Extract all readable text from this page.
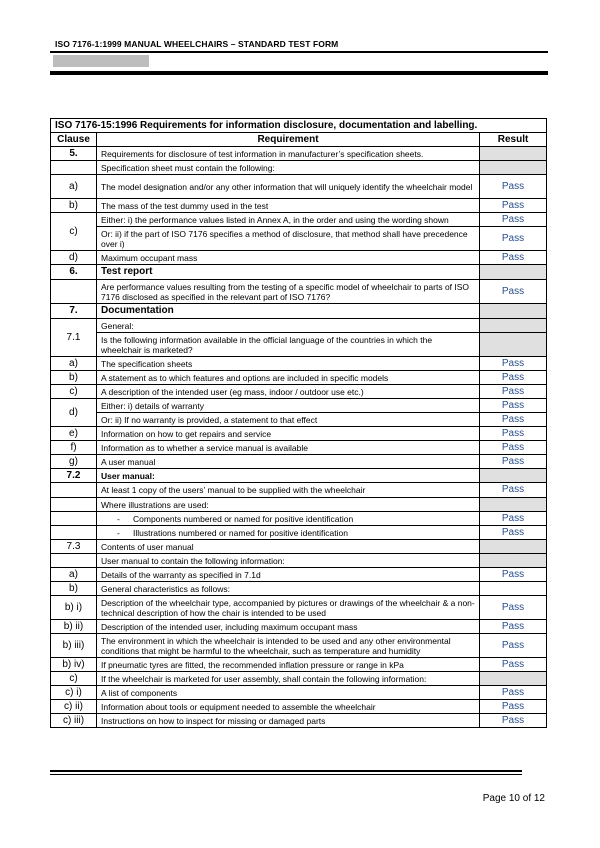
ISO 7176-1:1999 MANUAL WHEELCHAIRS – STANDARD TEST FORM
ISO 7176-15:1996 Requirements for information disclosure, documentation and labelling.		
Clause	Requirement	Result
5.	Requirements for disclosure of test information in manufacturer’s specification sheets.	
	Specification sheet must contain the following:	
a)	The model designation and/or any other information that will uniquely identify the wheelchair model	Pass
b)	The mass of the test dummy used in the test	Pass
c)	Either: i) the performance values listed in Annex A, in the order and using the wording shown	Pass
	Or: ii) if the part of ISO 7176 specifies a method of disclosure, that method shall have precedence over i)	Pass
d)	Maximum occupant mass	Pass
6.	Test report	
	Are performance values resulting from the testing of a specific model of wheelchair to parts of ISO 7176 disclosed as specified in the relevant part of ISO 7176?	Pass
7.	Documentation	
7.1	General:	
	Is the following information available in the official language of the countries in which the wheelchair is marketed?	
a)	The specification sheets	Pass
b)	A statement as to which features and options are included in specific models	Pass
c)	A description of the intended user (eg mass, indoor / outdoor use etc.)	Pass
d)	Either: i) details of warranty	Pass
	Or: ii) If no warranty is provided, a statement to that effect	Pass
e)	Information on how to get repairs and service	Pass
f)	Information as to whether a service manual is available	Pass
g)	A user manual	Pass
7.2	User manual:	
	At least 1 copy of the users’ manual to be supplied with the wheelchair	Pass
	Where illustrations are used:	
	- Components numbered or named for positive identification	Pass
	- Illustrations numbered or named for positive identification	Pass
7.3	Contents of user manual	
	User manual to contain the following information:	
a)	Details of the warranty as specified in 7.1d	Pass
b)	General characteristics as follows:	
b) i)	Description of the wheelchair type, accompanied by pictures or drawings of the wheelchair & a non-technical description of how the chair is intended to be used	Pass
b) ii)	Description of the intended user, including maximum occupant mass	Pass
b) iii)	The environment in which the wheelchair is intended to be used and any other environmental conditions that might be harmful to the wheelchair, such as temperature and humidity	Pass
b) iv)	If pneumatic tyres are fitted, the recommended inflation pressure or range in kPa	Pass
c)	If the wheelchair is marketed for user assembly, shall contain the following information:	
c) i)	A list of components	Pass
c) ii)	Information about tools or equipment needed to assemble the wheelchair	Pass
c) iii)	Instructions on how to inspect for missing or damaged parts	Pass
Page 10 of 12
